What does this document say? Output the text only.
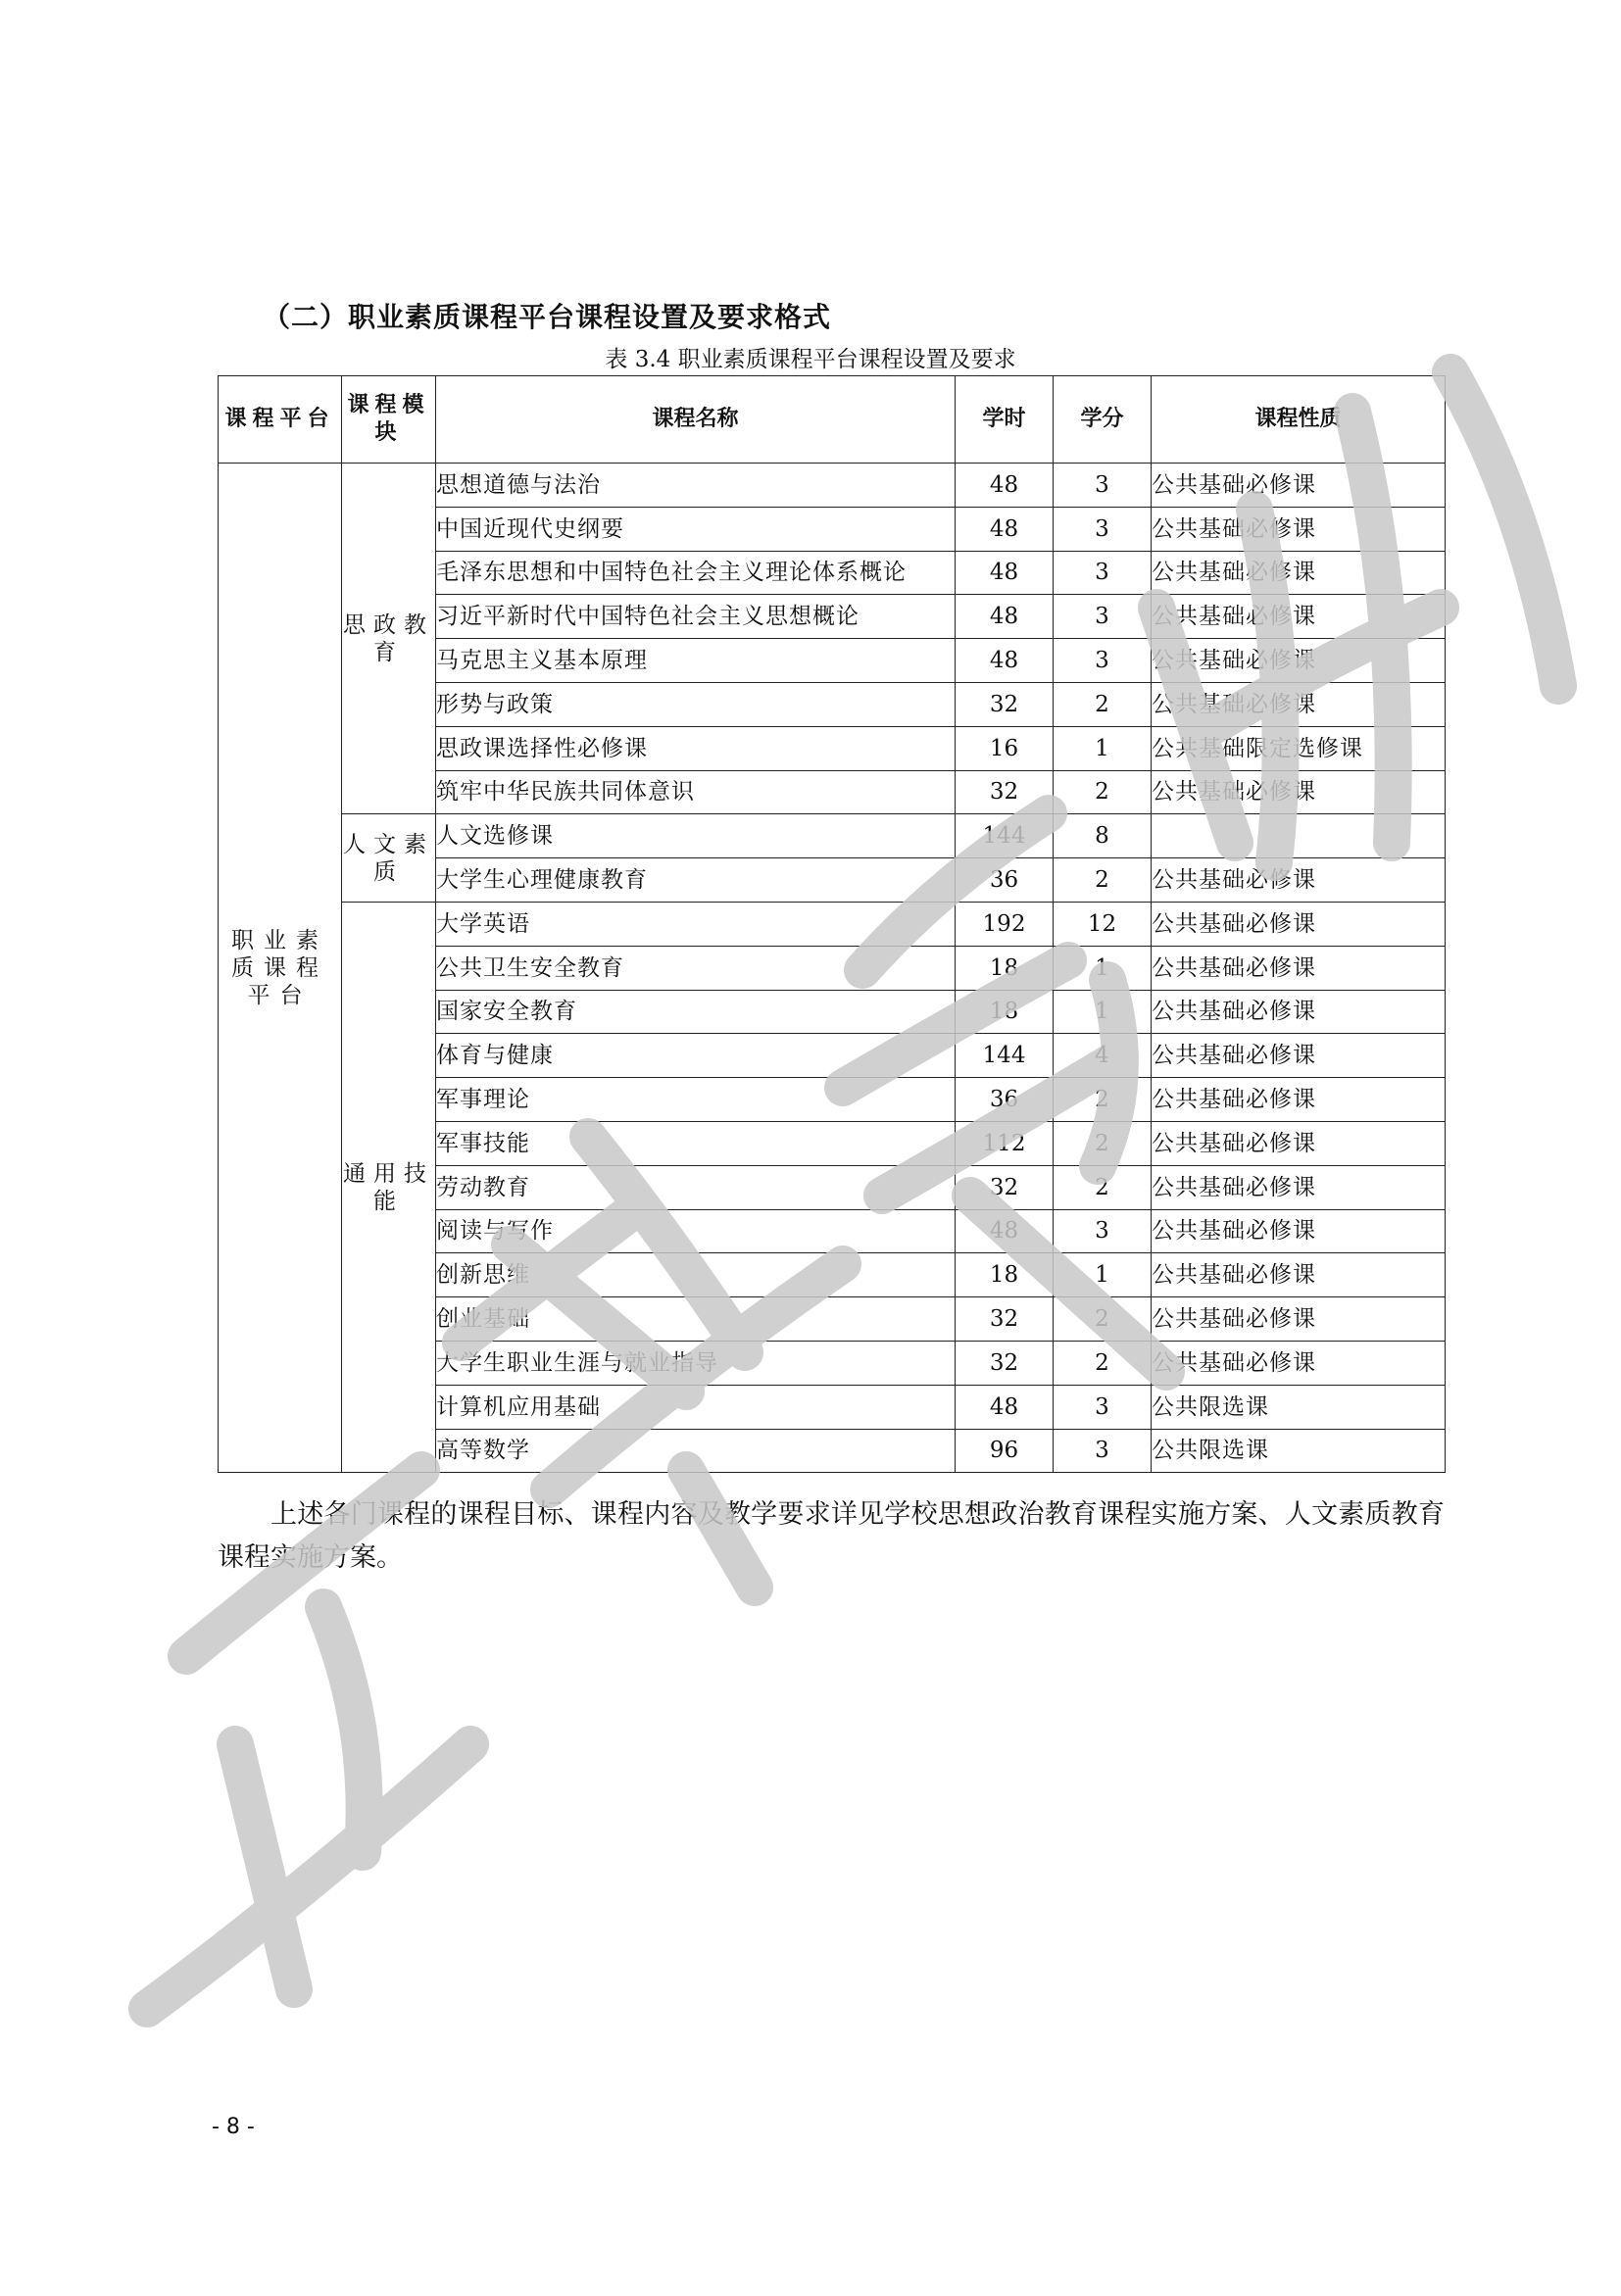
（二）职业素质课程平台课程设置及要求格式
表 3.4 职业素质课程平台课程设置及要求
课程平台	课程模块	课程名称	学时	学分	课程性质
职业素质课程平台	思政教育	思想道德与法治	48	3	公共基础必修课
		中国近现代史纲要	48	3	公共基础必修课
		毛泽东思想和中国特色社会主义理论体系概论	48	3	公共基础必修课
		习近平新时代中国特色社会主义思想概论	48	3	公共基础必修课
		马克思主义基本原理	48	3	公共基础必修课
		形势与政策	32	2	公共基础必修课
		思政课选择性必修课	16	1	公共基础限定选修课
		筑牢中华民族共同体意识	32	2	公共基础必修课
	人文素质	人文选修课	144	8	
		大学生心理健康教育	36	2	公共基础必修课
	通用技能	大学英语	192	12	公共基础必修课
		公共卫生安全教育	18	1	公共基础必修课
		国家安全教育	18	1	公共基础必修课
		体育与健康	144	4	公共基础必修课
		军事理论	36	2	公共基础必修课
		军事技能	112	2	公共基础必修课
		劳动教育	32	2	公共基础必修课
		阅读与写作	48	3	公共基础必修课
		创新思维	18	1	公共基础必修课
		创业基础	32	2	公共基础必修课
		大学生职业生涯与就业指导	32	2	公共基础必修课
		计算机应用基础	48	3	公共限选课
		高等数学	96	3	公共限选课
上述各门课程的课程目标、课程内容及教学要求详见学校思想政治教育课程实施方案、人文素质教育课程实施方案。
- 8 -
